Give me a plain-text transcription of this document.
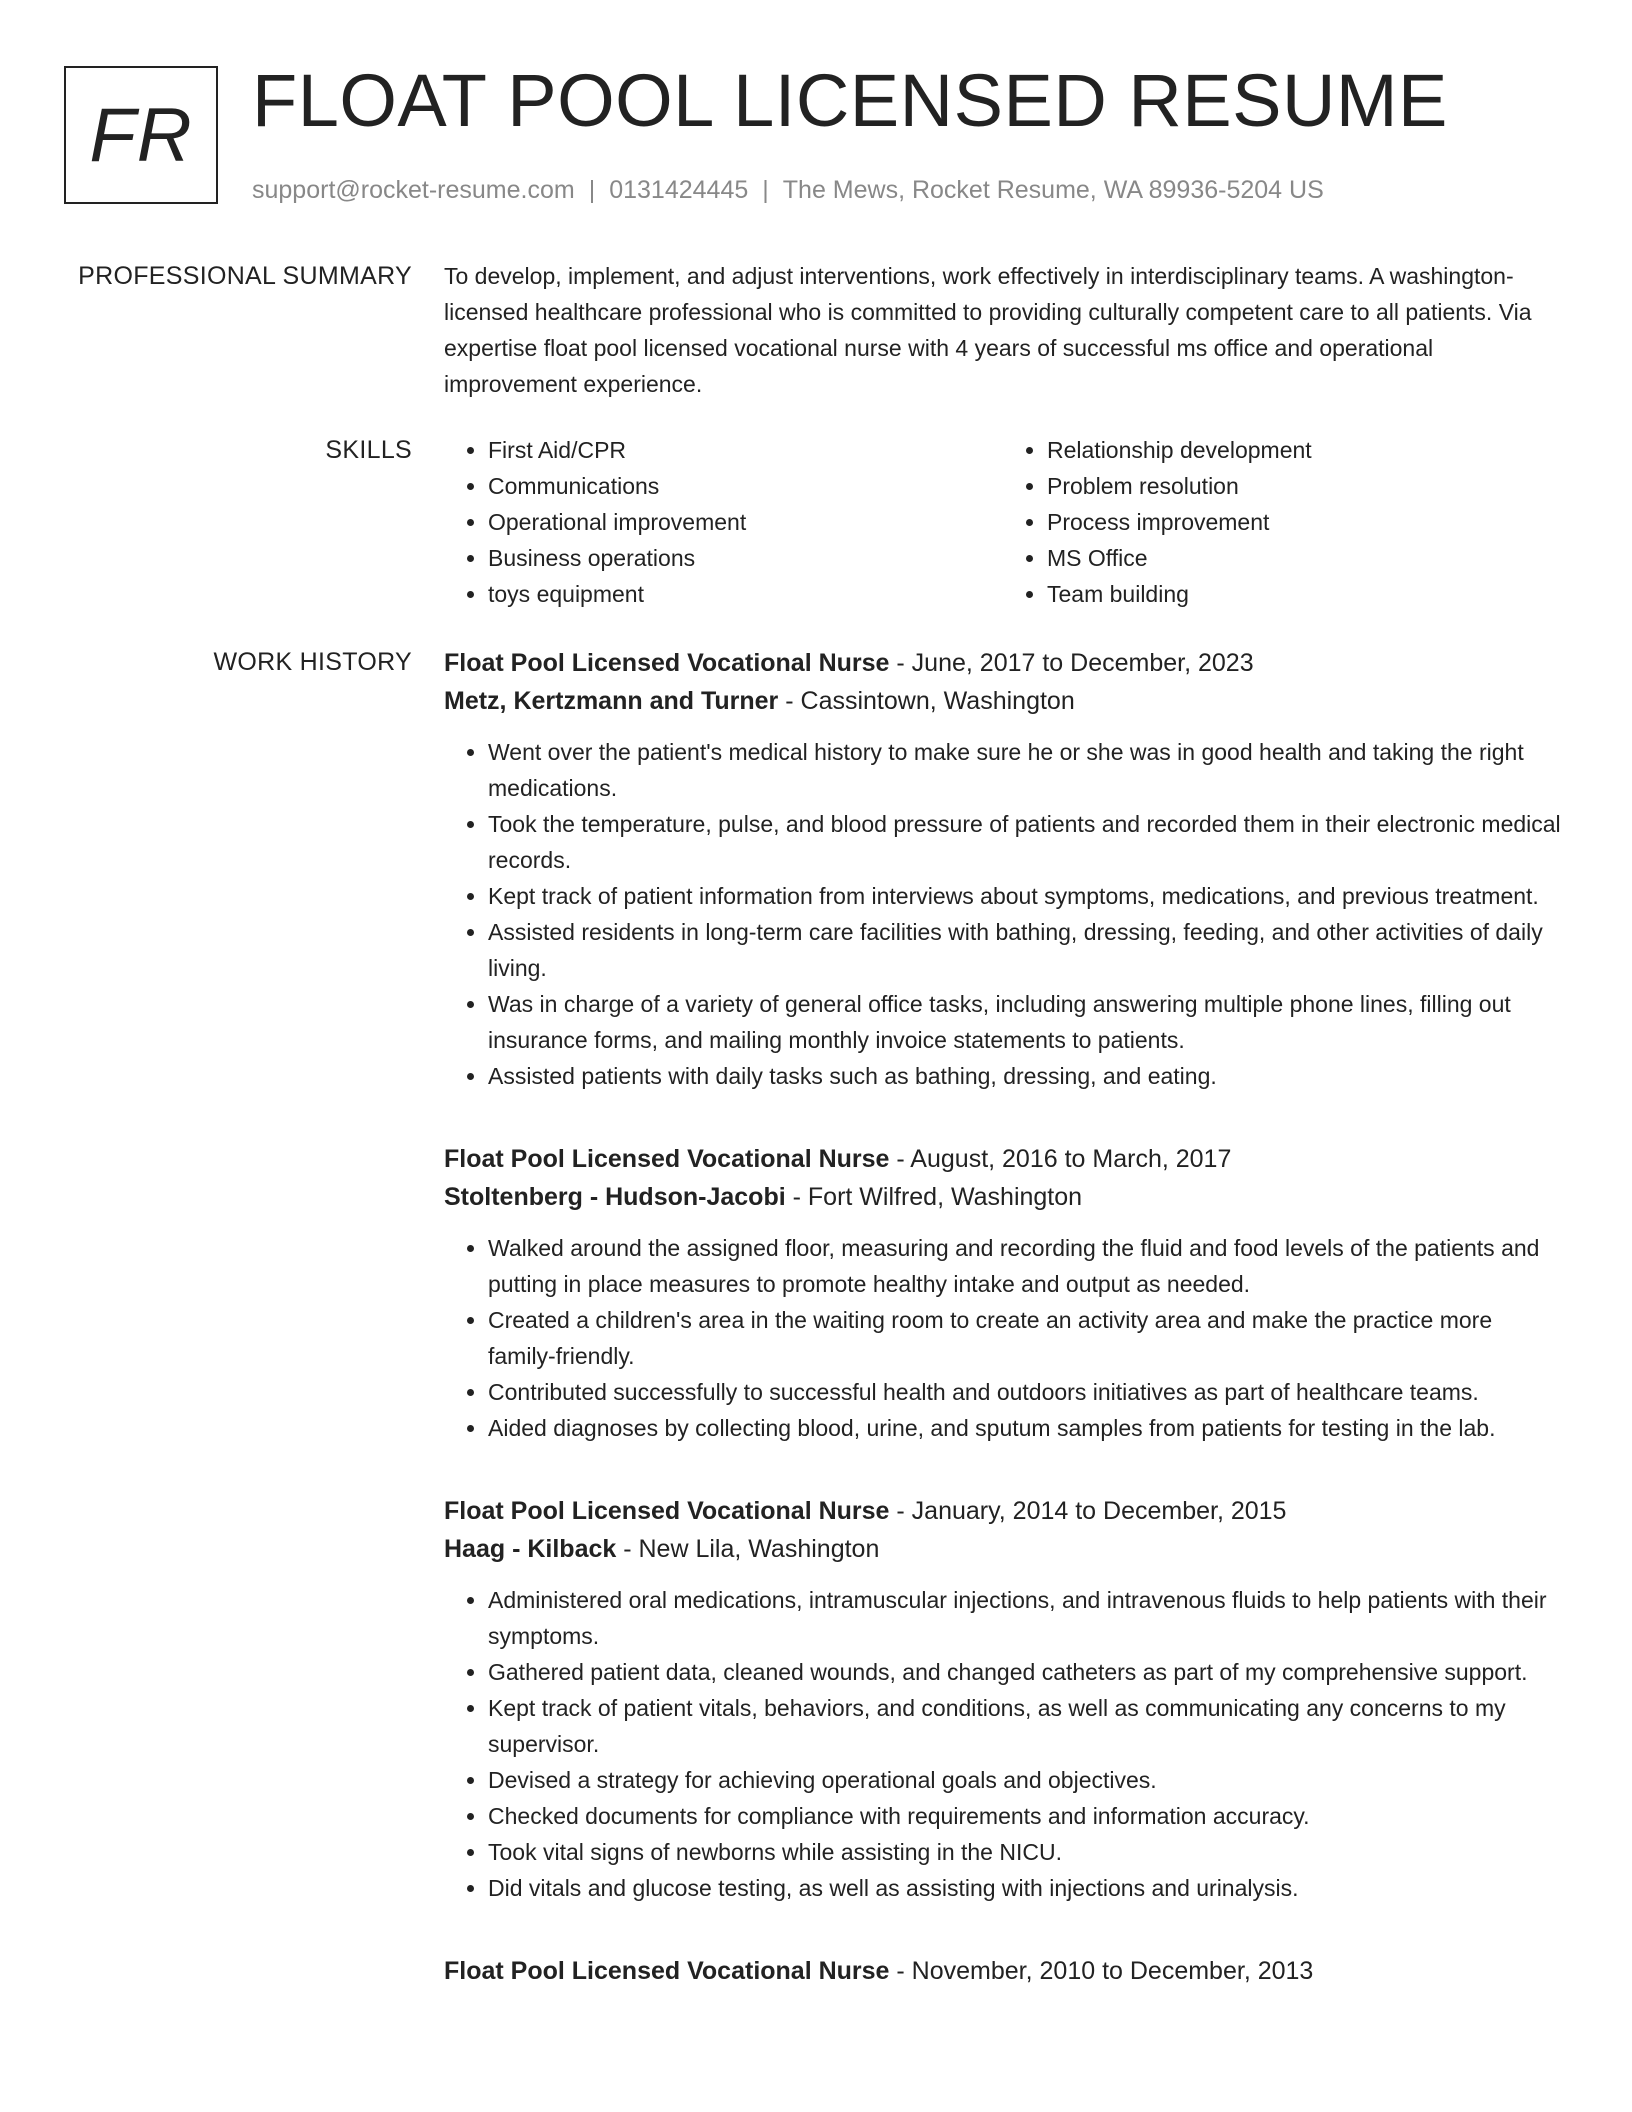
FR FLOAT POOL LICENSED RESUME
support@rocket-resume.com | 0131424445 | The Mews, Rocket Resume, WA 89936-5204 US
PROFESSIONAL SUMMARY To develop, implement, and adjust interventions, work effectively in interdisciplinary teams. A washington-licensed healthcare professional who is committed to providing culturally competent care to all patients. Via expertise float pool licensed vocational nurse with 4 years of successful ms office and operational improvement experience.
SKILLS
•	First Aid/CPR
• Communications
• Operational improvement
• Business operations
• toys equipment
• Relationship development
• Problem resolution
• Process improvement
• MS Office
• Team building
WORK HISTORY Float Pool Licensed Vocational Nurse - June, 2017 to December, 2023
Metz, Kertzmann and Turner - Cassintown, Washington
• Went over the patient's medical history to make sure he or she was in good health and taking the right medications.
• Took the temperature, pulse, and blood pressure of patients and recorded them in their electronic medical records.
• Kept track of patient information from interviews about symptoms, medications, and previous treatment.
• Assisted residents in long-term care facilities with bathing, dressing, feeding, and other activities of daily living.
• Was in charge of a variety of general office tasks, including answering multiple phone lines, filling out insurance forms, and mailing monthly invoice statements to patients.
• Assisted patients with daily tasks such as bathing, dressing, and eating.
Float Pool Licensed Vocational Nurse - August, 2016 to March, 2017
Stoltenberg - Hudson-Jacobi - Fort Wilfred, Washington
• Walked around the assigned floor, measuring and recording the fluid and food levels of the patients and putting in place measures to promote healthy intake and output as needed.
• Created a children's area in the waiting room to create an activity area and make the practice more family-friendly.
• Contributed successfully to successful health and outdoors initiatives as part of healthcare teams.
• Aided diagnoses by collecting blood, urine, and sputum samples from patients for testing in the lab.
Float Pool Licensed Vocational Nurse - January, 2014 to December, 2015
Haag - Kilback - New Lila, Washington
• Administered oral medications, intramuscular injections, and intravenous fluids to help patients with their symptoms.
• Gathered patient data, cleaned wounds, and changed catheters as part of my comprehensive support.
• Kept track of patient vitals, behaviors, and conditions, as well as communicating any concerns to my supervisor.
• Devised a strategy for achieving operational goals and objectives.
• Checked documents for compliance with requirements and information accuracy.
• Took vital signs of newborns while assisting in the NICU.
• Did vitals and glucose testing, as well as assisting with injections and urinalysis.
Float Pool Licensed Vocational Nurse - November, 2010 to December, 2013
